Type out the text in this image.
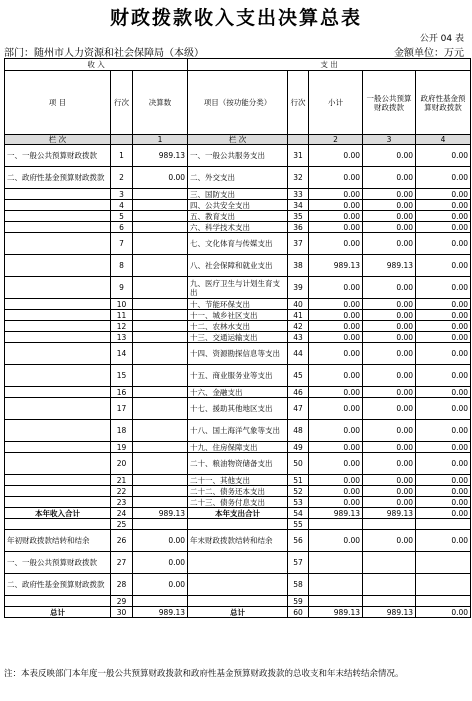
财政拨款收入支出决算总表
公开 04 表
部门：随州市人力资源和社会保障局（本级）	金额单位：万元
收 入			支 出				
项 目	行次	决算数	项目（按功能分类）	行次	小计	一般公共预算财政拨款	政府性基金预算财政拨款
栏 次		1	栏 次		2	3	4
一、一般公共预算财政拨款	1	989.13	一、一般公共服务支出	31	0.00	0.00	0.00
二、政府性基金预算财政拨款	2	0.00	二、外交支出	32	0.00	0.00	0.00
	3		三、国防支出	33	0.00	0.00	0.00
	4		四、公共安全支出	34	0.00	0.00	0.00
	5		五、教育支出	35	0.00	0.00	0.00
	6		六、科学技术支出	36	0.00	0.00	0.00
	7		七、文化体育与传媒支出	37	0.00	0.00	0.00
	8		八、社会保障和就业支出	38	989.13	989.13	0.00
	9		九、医疗卫生与计划生育支出	39	0.00	0.00	0.00
	10		十、节能环保支出	40	0.00	0.00	0.00
	11		十一、城乡社区支出	41	0.00	0.00	0.00
	12		十二、农林水支出	42	0.00	0.00	0.00
	13		十三、交通运输支出	43	0.00	0.00	0.00
	14		十四、资源勘探信息等支出	44	0.00	0.00	0.00
	15		十五、商业服务业等支出	45	0.00	0.00	0.00
	16		十六、金融支出	46	0.00	0.00	0.00
	17		十七、援助其他地区支出	47	0.00	0.00	0.00
	18		十八、国土海洋气象等支出	48	0.00	0.00	0.00
	19		十九、住房保障支出	49	0.00	0.00	0.00
	20		二十、粮油物资储备支出	50	0.00	0.00	0.00
	21		二十一、其他支出	51	0.00	0.00	0.00
	22		二十二、债务还本支出	52	0.00	0.00	0.00
	23		二十三、债务付息支出	53	0.00	0.00	0.00
本年收入合计	24	989.13	本年支出合计	54	989.13	989.13	0.00
	25			55			
年初财政拨款结转和结余	26	0.00	年末财政拨款结转和结余	56	0.00	0.00	0.00
一、一般公共预算财政拨款	27	0.00		57			
二、政府性基金预算财政拨款	28	0.00		58			
	29			59			
总计	30	989.13	总计	60	989.13	989.13	0.00
注：本表反映部门本年度一般公共预算财政拨款和政府性基金预算财政拨款的总收支和年末结转结余情况。
